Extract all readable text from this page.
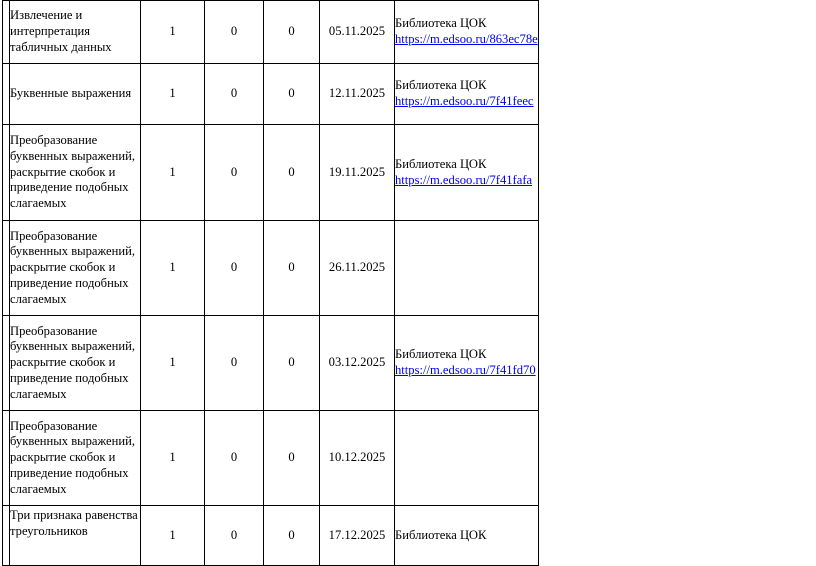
	Извлечение и интерпретация табличных данных	1	0	0	05.11.2025	Библиотека ЦОК
https://m.edsoo.ru/863ec78e

	Буквенные выражения	1	0	0	12.11.2025	Библиотека ЦОК
https://m.edsoo.ru/7f41feec

	Преобразование буквенных выражений, раскрытие скобок и приведение подобных слагаемых	1	0	0	19.11.2025	Библиотека ЦОК
https://m.edsoo.ru/7f41fafa

	Преобразование буквенных выражений, раскрытие скобок и приведение подобных слагаемых	1	0	0	26.11.2025	

	Преобразование буквенных выражений, раскрытие скобок и приведение подобных слагаемых	1	0	0	03.12.2025	Библиотека ЦОК
https://m.edsoo.ru/7f41fd70

	Преобразование буквенных выражений, раскрытие скобок и приведение подобных слагаемых	1	0	0	10.12.2025	

	Три признака равенства треугольников	1	0	0	17.12.2025	Библиотека ЦОК
